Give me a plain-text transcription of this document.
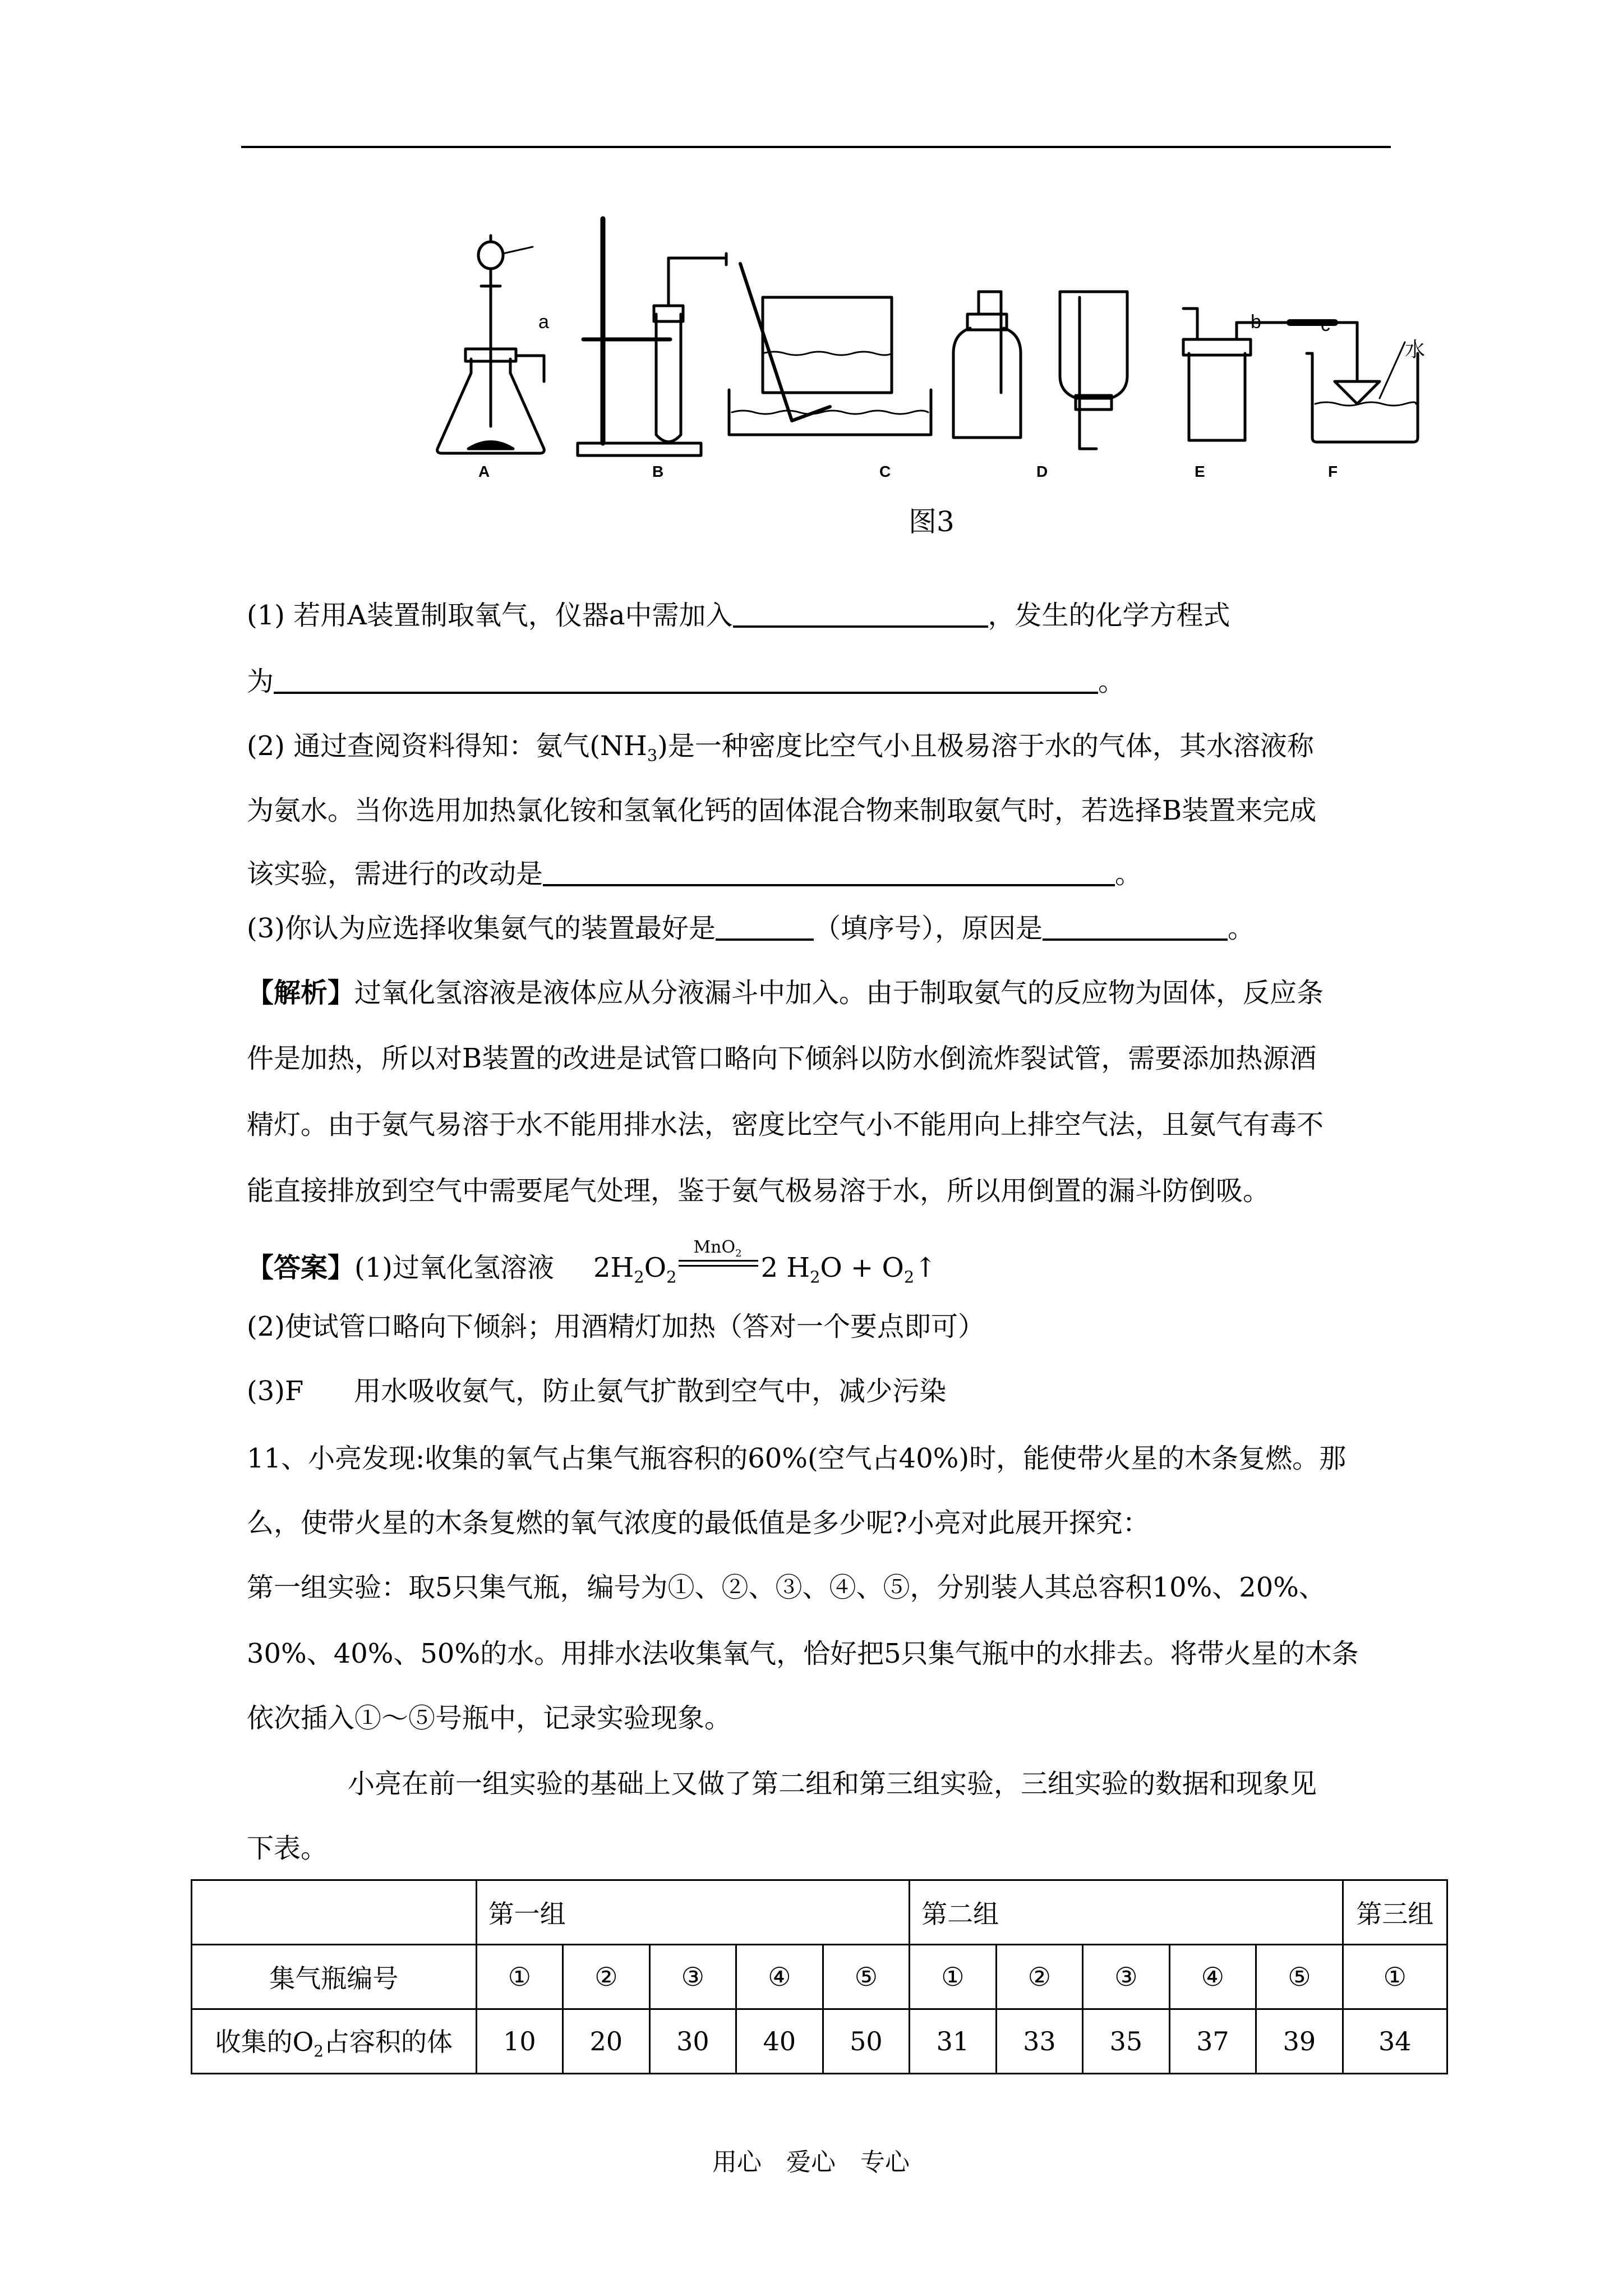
A	B	C	D	E	F
a	b	c
水
图3
(1) 若用A装置制取氧气，仪器a中需加入	，发生的化学方程式
为	。
(2) 通过查阅资料得知：氨气$(NH_3)$是一种密度比空气小且极易溶于水的气体，其水溶液称
为氨水。当你选用加热氯化铵和氢氧化钙的固体混合物来制取氨气时，若选择B装置来完成
该实验，需进行的改动是	。
(3)你认为应选择收集氨气的装置最好是	（填序号），原因是	。
【解析】过氧化氢溶液是液体应从分液漏斗中加入。由于制取氨气的反应物为固体，反应条
件是加热，所以对B装置的改进是试管口略向下倾斜以防水倒流炸裂试管，需要添加热源酒
精灯。由于氨气易溶于水不能用排水法，密度比空气小不能用向上排空气法，且氨气有毒不
能直接排放到空气中需要尾气处理，鉴于氨气极易溶于水，所以用倒置的漏斗防倒吸。
【答案】(1)过氧化氢溶液 $2H_2O_2$
MnO$_2$ 2 $H_2O$ + $O_2↑$
(2)使试管口略向下倾斜；用酒精灯加热（答对一个要点即可）
(3)F 用水吸收氨气，防止氨气扩散到空气中，减少污染
11、小亮发现:收集的氧气占集气瓶容积的60%(空气占40%)时，能使带火星的木条复燃。那
么，使带火星的木条复燃的氧气浓度的最低值是多少呢?小亮对此展开探究：
第一组实验：取5只集气瓶，编号为①、②、③、④、⑤，分别装人其总容积10%、20%、
30%、40%、50%的水。用排水法收集氧气，恰好把5只集气瓶中的水排去。将带火星的木条
依次插入①～⑤号瓶中，记录实验现象。
小亮在前一组实验的基础上又做了第二组和第三组实验，三组实验的数据和现象见
下表。
	第一组					第二组					第三组
集气瓶编号	①	②	③	④	⑤	①	②	③	④	⑤	①
收集的$O_2$占容积的体	10	20	30	40	50	31	33	35	37	39	34
用心　爱心　专心
